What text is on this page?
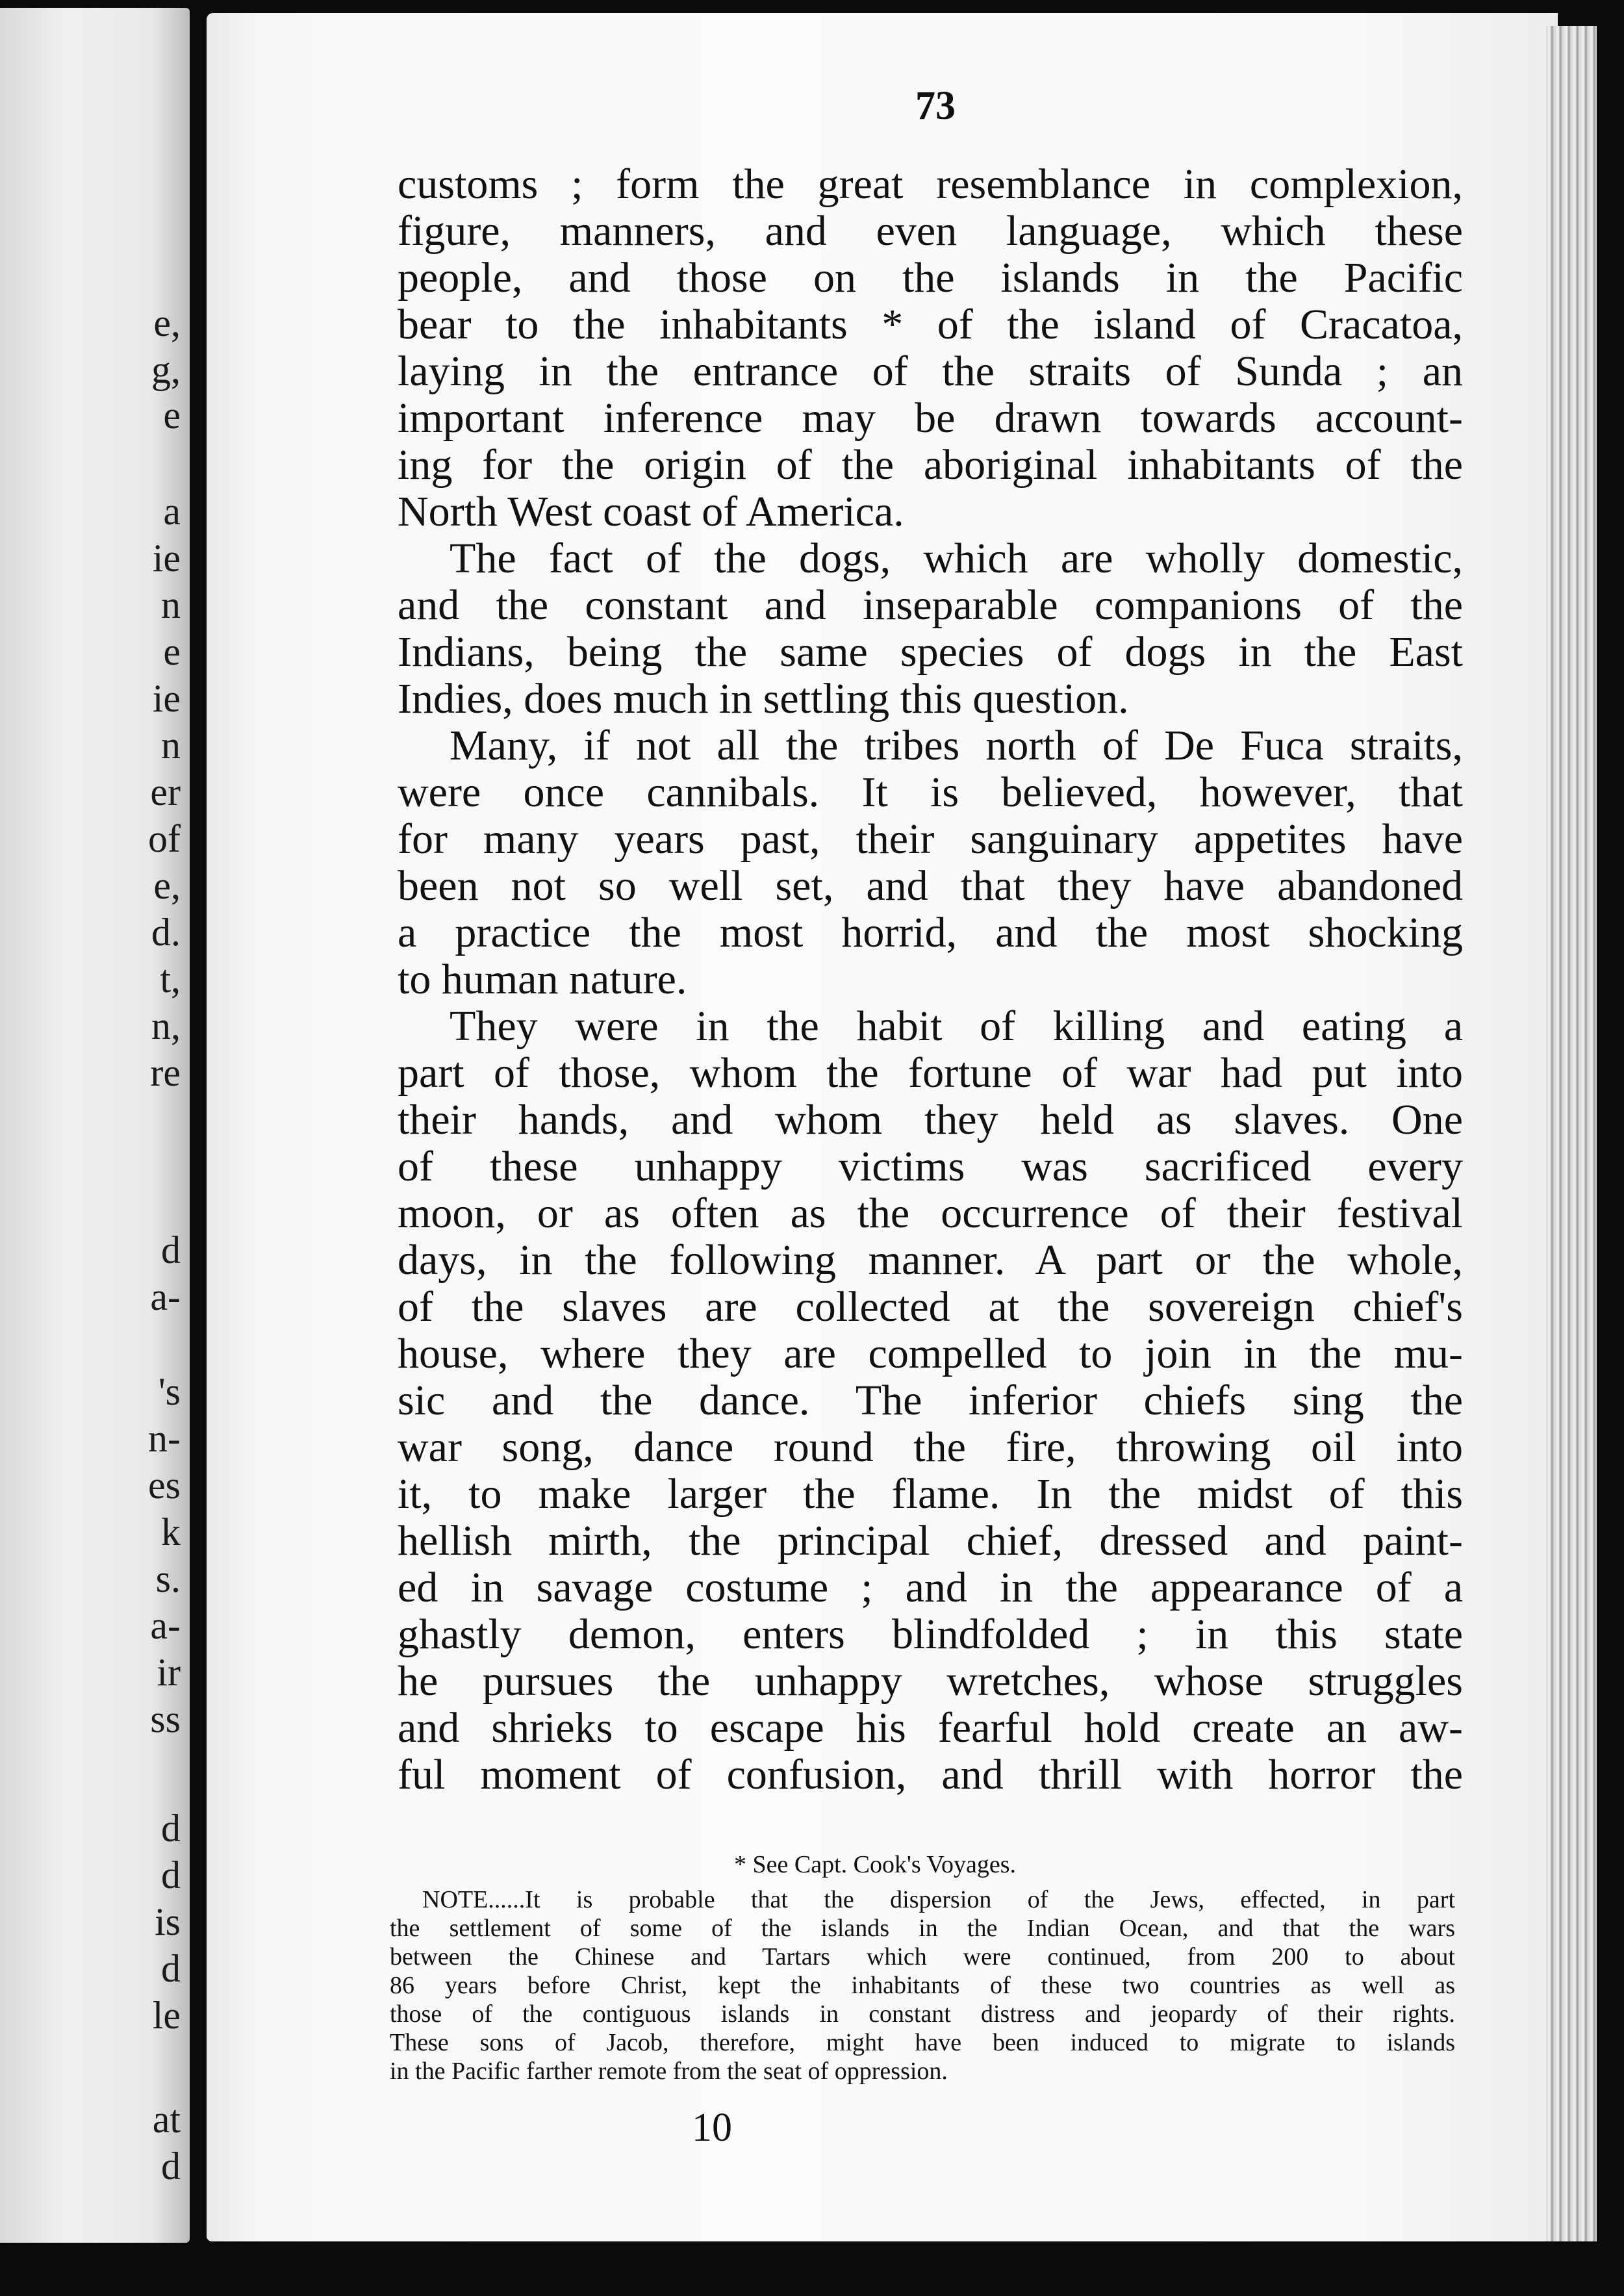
e,
g,
e
a
ie
n
e
ie
n
er
of
e,
d.
t,
n,
re
d
a-
's
n-
es
k
s.
a-
ir
ss
d
d
is
d
le
at
d
73
customs ; form the great resemblance in complexion,
figure, manners, and even language, which these
people, and those on the islands in the Pacific
bear to the inhabitants * of the island of Cracatoa,
laying in the entrance of the straits of Sunda ; an
important inference may be drawn towards account-
ing for the origin of the aboriginal inhabitants of the
North West coast of America.
The fact of the dogs, which are wholly domestic,
and the constant and inseparable companions of the
Indians, being the same species of dogs in the East
Indies, does much in settling this question.
Many, if not all the tribes north of De Fuca straits,
were once cannibals. It is believed, however, that
for many years past, their sanguinary appetites have
been not so well set, and that they have abandoned
a practice the most horrid, and the most shocking
to human nature.
They were in the habit of killing and eating a
part of those, whom the fortune of war had put into
their hands, and whom they held as slaves. One
of these unhappy victims was sacrificed every
moon, or as often as the occurrence of their festival
days, in the following manner. A part or the whole,
of the slaves are collected at the sovereign chief's
house, where they are compelled to join in the mu-
sic and the dance. The inferior chiefs sing the
war song, dance round the fire, throwing oil into
it, to make larger the flame. In the midst of this
hellish mirth, the principal chief, dressed and paint-
ed in savage costume ; and in the appearance of a
ghastly demon, enters blindfolded ; in this state
he pursues the unhappy wretches, whose struggles
and shrieks to escape his fearful hold create an aw-
ful moment of confusion, and thrill with horror the
* See Capt. Cook's Voyages.
NOTE......It is probable that the dispersion of the Jews, effected, in part
the settlement of some of the islands in the Indian Ocean, and that the wars
between the Chinese and Tartars which were continued, from 200 to about
86 years before Christ, kept the inhabitants of these two countries as well as
those of the contiguous islands in constant distress and jeopardy of their rights.
These sons of Jacob, therefore, might have been induced to migrate to islands
in the Pacific farther remote from the seat of oppression.
10
